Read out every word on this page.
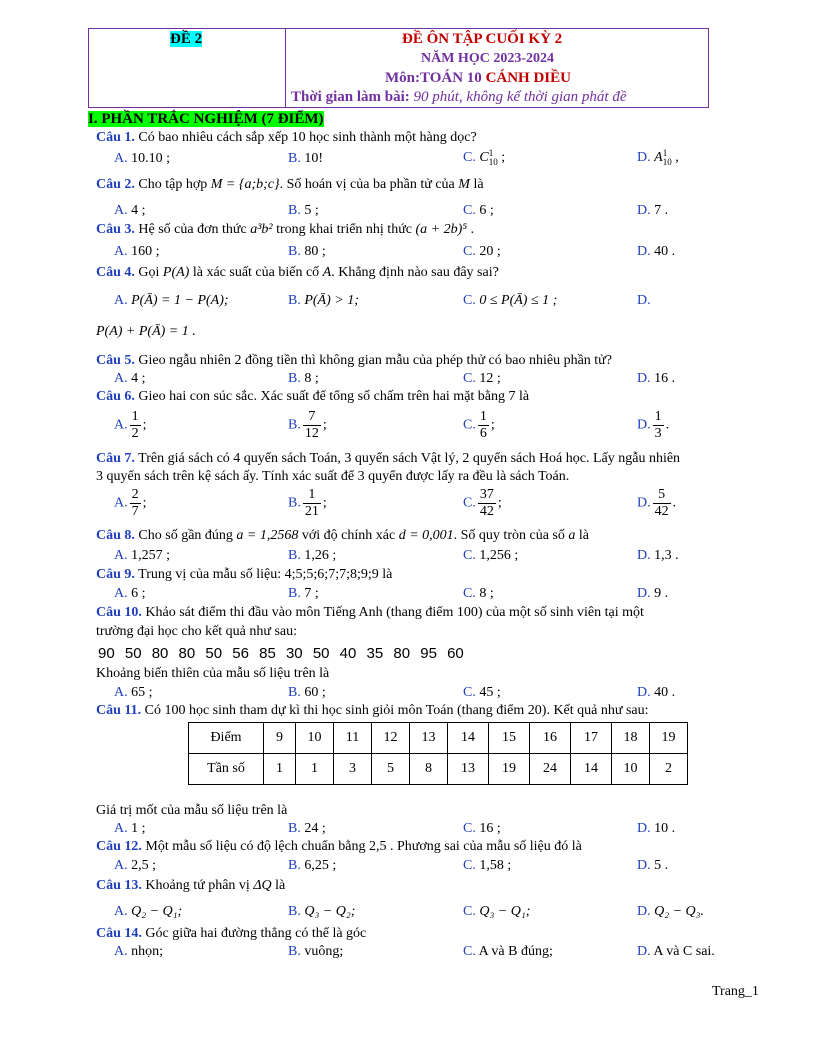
ĐỀ 2	ĐỀ ÔN TẬP CUỐI KỲ 2
NĂM HỌC 2023-2024
Môn:TOÁN 10 CÁNH DIỀU
Thời gian làm bài: 90 phút, không kể thời gian phát đề
I. PHẦN TRẮC NGHIỆM (7 ĐIỂM)
Câu 1. Có bao nhiêu cách sắp xếp 10 học sinh thành một hàng dọc?
A. 10.10 ;	B. 10!	C. C 1
10 ;	D. A 1
10 ,
Câu 2. Cho tập hợp M = {a;b;c}. Số hoán vị của ba phần tử của M là
A. 4 ;	B. 5 ;	C. 6 ;	D. 7 .
Câu 3. Hệ số của đơn thức a³b² trong khai triển nhị thức (a + 2b)⁵ .
A. 160 ;	B. 80 ;	C. 20 ;	D. 40 .
Câu 4. Gọi P(A) là xác suất của biến cố A. Khẳng định nào sau đây sai?
A. P(Ā) = 1 − P(A);	B. P(Ā) > 1;	C. 0 ≤ P(Ā) ≤ 1 ;	D.
P(A) + P(Ā) = 1 .
Câu 5. Gieo ngẫu nhiên 2 đồng tiền thì không gian mẫu của phép thử có bao nhiêu phần tử?
A. 4 ;	B. 8 ;	C. 12 ;	D. 16 .
Câu 6. Gieo hai con súc sắc. Xác suất để tổng số chấm trên hai mặt bằng 7 là
A. $\frac{1}{2}$ ;	B. $\frac{7}{12}$ ;	C. $\frac{1}{6}$ ;	D. $\frac{1}{3}$ .
Câu 7. Trên giá sách có 4 quyển sách Toán, 3 quyển sách Vật lý, 2 quyển sách Hoá học. Lấy ngẫu nhiên
3 quyển sách trên kệ sách ấy. Tính xác suất để 3 quyển được lấy ra đều là sách Toán.
A. $\frac{2}{7}$ ;	B. $\frac{1}{21}$ ;	C. $\frac{37}{42}$ ;	D. $\frac{5}{42}$ .
Câu 8. Cho số gần đúng a = 1,2568 với độ chính xác d = 0,001. Số quy tròn của số a là
A. 1,257 ;	B. 1,26 ;	C. 1,256 ;	D. 1,3 .
Câu 9. Trung vị của mẫu số liệu: 4;5;5;6;7;7;8;9;9 là
A. 6 ;	B. 7 ;	C. 8 ;	D. 9 .
Câu 10. Khảo sát điểm thi đầu vào môn Tiếng Anh (thang điểm 100) của một số sinh viên tại một
trường đại học cho kết quả như sau:
90 50 80 80 50 56 85 30 50 40 35 80 95 60
Khoảng biến thiên của mẫu số liệu trên là
A. 65 ;	B. 60 ;	C. 45 ;	D. 40 .
Câu 11. Có 100 học sinh tham dự kì thi học sinh giỏi môn Toán (thang điểm 20). Kết quả như sau:
Điểm	9	10	11	12	13	14	15	16	17	18	19
Tần số	1	1	3	5	8	13	19	24	14	10	2
Giá trị mốt của mẫu số liệu trên là
A. 1 ;	B. 24 ;	C. 16 ;	D. 10 .
Câu 12. Một mẫu số liệu có độ lệch chuẩn bằng 2,5 . Phương sai của mẫu số liệu đó là
A. 2,5 ;	B. 6,25 ;	C. 1,58 ;	D. 5 .
Câu 13. Khoảng tứ phân vị ΔQ là
A. Q₂ − Q₁;	B. Q₃ − Q₂;	C. Q₃ − Q₁;	D. Q₂ − Q₃.
Câu 14. Góc giữa hai đường thẳng có thể là góc
A. nhọn;	B. vuông;	C. A và B đúng;	D. A và C sai.
Trang_1
